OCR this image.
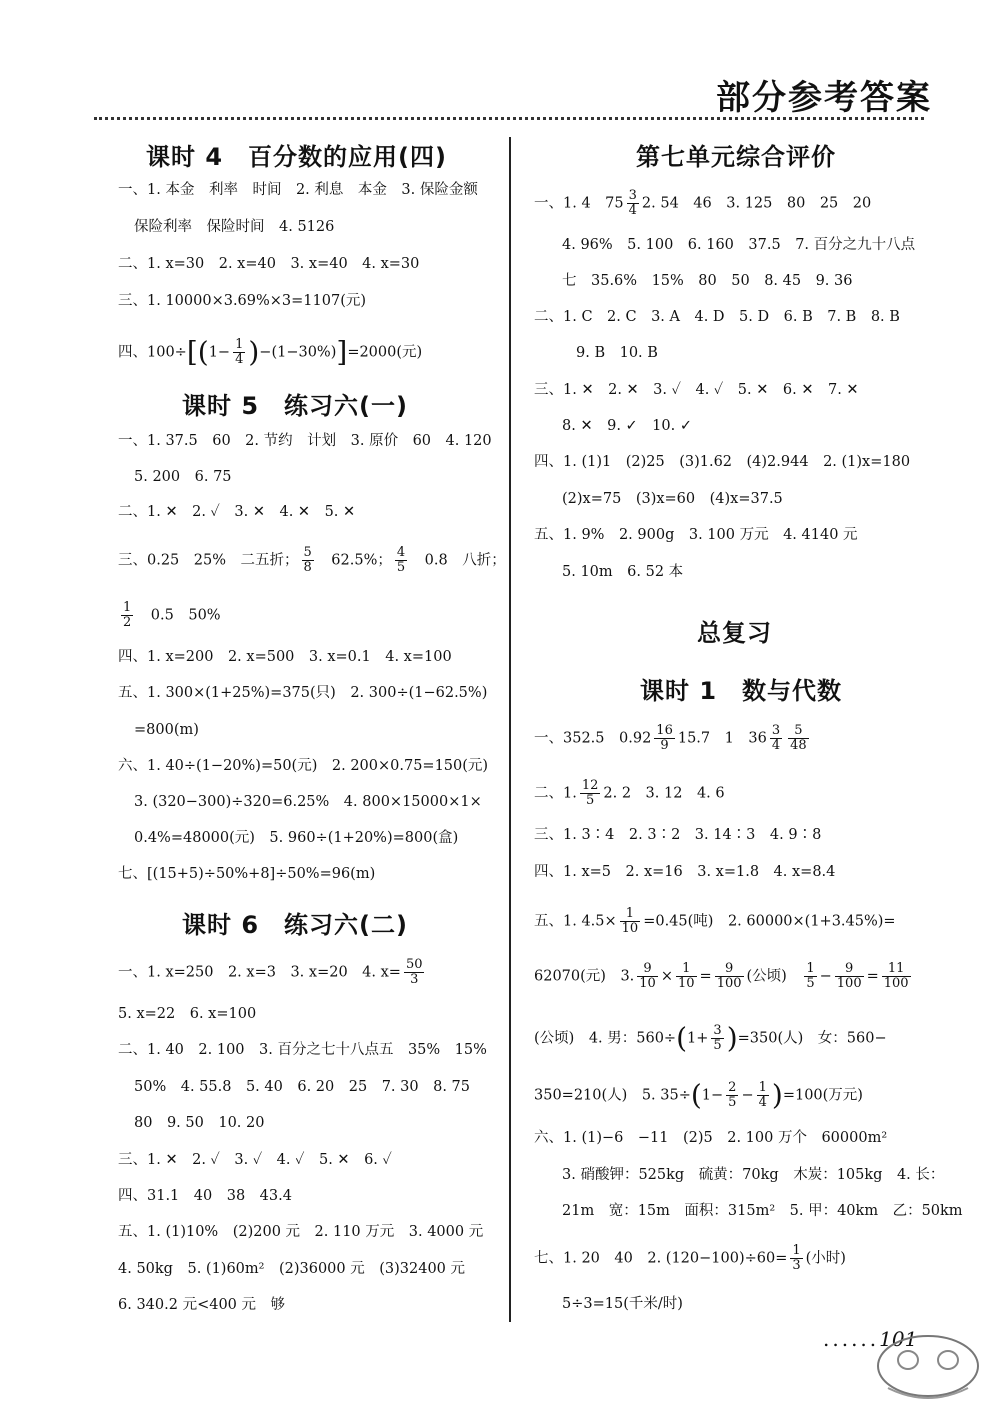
部分参考答案
课时 4　百分数的应用(四)
一、1. 本金　利率　时间　2. 利息　本金　3. 保险金额
保险利率　保险时间　4. 5126
二、1. x=30　2. x=40　3. x=40　4. x=30
三、1. 10000×3.69%×3=1107(元)
四、$100\div[(1- \frac{1}{4} )-(1-30\%)]=2000$(元)
课时 5　练习六(一)
一、1. 37.5　60　2. 节约　计划　3. 原价　60　4. 120
5. 200　6. 75
二、1. ✕　2. ✓　3. ✕　4. ✕　5. ✕
三、0.25　25%　二五折； $\frac{5}{8}$ 　62.5%； $\frac{4}{5}$ 　0.8　八折；
$\frac{1}{2}$ 　0.5　50%
四、1. x=200　2. x=500　3. x=0.1　4. x=100
五、1. 300×(1+25%)=375(只)　2. 300÷(1−62.5%)
=800(m)
六、1. 40÷(1−20%)=50(元)　2. 200×0.75=150(元)
3. (320−300)÷320=6.25%　4. 800×15000×1×
0.4%=48000(元)　5. 960÷(1+20%)=800(盒)
七、[(15+5)÷50%+8]÷50%=96(m)
课时 6　练习六(二)
一、1. x=250　2. x=3　3. x=20　4. $x= \frac{50}{3}$
5. x=22　6. x=100
二、1. 40　2. 100　3. 百分之七十八点五　35%　15%
50%　4. 55.8　5. 40　6. 20　25　7. 30　8. 75
80　9. 50　10. 20
三、1. ✕　2. ✓　3. ✓　4. ✓　5. ✕　6. ✓
四、31.1　40　38　43.4
五、1. (1)10%　(2)200 元　2. 110 万元　3. 4000 元
4. 50kg　5. (1)60m²　(2)36000 元　(3)32400 元
6. 340.2 元<400 元　够
第七单元综合评价
一、1. 4　$75 \frac{3}{4} 2$. 54　46　3. 125　80　25　20
4. 96%　5. 100　6. 160　37.5　7. 百分之九十八点
七　35.6%　15%　80　50　8. 45　9. 36
二、1. C　2. C　3. A　4. D　5. D　6. B　7. B　8. B
9. B　10. B
三、1. ✕　2. ✕　3. ✓　4. ✓　5. ✕　6. ✕　7. ✕
8. ✕　9. ✓　10. ✓
四、1. (1)1　(2)25　(3)1.62　(4)2.944　2. (1)x=180
(2)x=75　(3)x=60　(4)x=37.5
五、1. 9%　2. 900g　3. 100 万元　4. 4140 元
5. 10m　6. 52 本
总复习
课时 1　数与代数
一、352.5　$0.92 \frac{16}{9} 15.7$　1　$36 \frac{3}{4} \frac{5}{48}$
二、1. $\frac{12}{5} 2$. 2　3. 12　4. 6
三、1. 3∶4　2. 3∶2　3. 14∶3　4. 9∶8
四、1. x=5　2. x=16　3. x=1.8　4. x=8.4
五、1. $4.5\times \frac{1}{10} =0.45$(吨)　2. 60000×(1+3.45%)=
62070(元)　3. $\frac{9}{10} \times \frac{1}{10} = \frac{9}{100}$ (公顷)　 $\frac{1}{5} - \frac{9}{100} = \frac{11}{100}$
(公顷)　4. 男：$560\div(1+ \frac{3}{5} )=350$(人)　女：560−
350=210(人)　5. $35\div(1- \frac{2}{5} - \frac{1}{4} )=100$(万元)
六、1. (1)−6　−11　(2)5　2. 100 万个　60000m²
3. 硝酸钾：525kg　硫黄：70kg　木炭：105kg　4. 长：
21m　宽：15m　面积：315m²　5. 甲：40km　乙：50km
七、1. 20　40　2. $(120-100)\div 60= \frac{1}{3}$ (小时)
5÷3=15(千米/时)
......101
